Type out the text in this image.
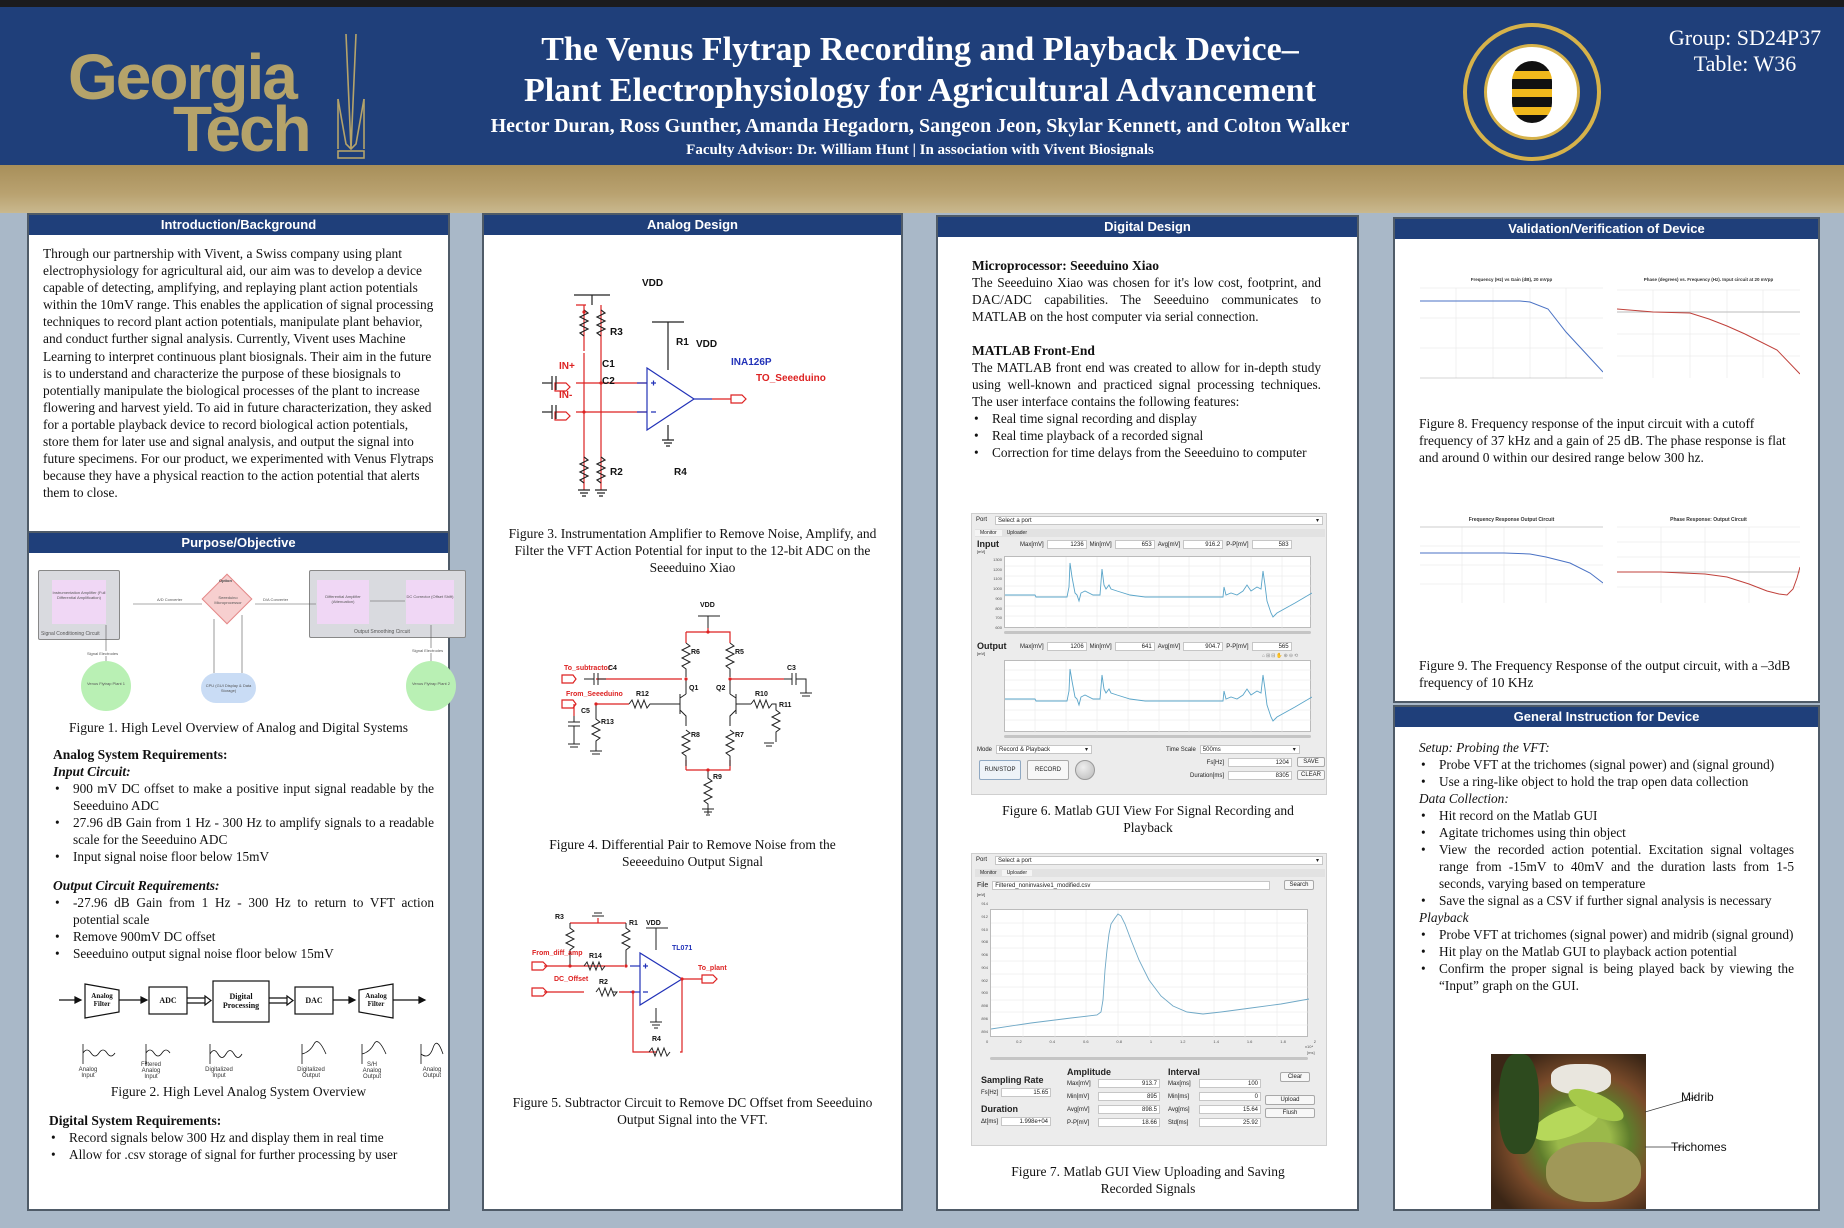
Georgia
Tech
The Venus Flytrap Recording and Playback Device–
Plant Electrophysiology for Agricultural Advancement
Hector Duran, Ross Gunther, Amanda Hegadorn, Sangeon Jeon, Skylar Kennett, and Colton Walker
Faculty Advisor: Dr. William Hunt | In association with Vivent Biosignals
Group: SD24P37
Table: W36
Introduction/Background
Through our partnership with Vivent, a Swiss company using plant electrophysiology for agricultural aid, our aim was to develop a device capable of detecting, amplifying, and replaying plant action potentials within the 10mV range. This enables the application of signal processing techniques to record plant action potentials, manipulate plant behavior, and conduct further signal analysis. Currently, Vivent uses Machine Learning to interpret continuous plant biosignals. Their aim in the future is to understand and characterize the purpose of these biosignals to potentially manipulate the biological processes of the plant to increase flowering and harvest yield. To aid in future characterization, they asked for a portable playback device to record biological action potentials, store them for later use and signal analysis, and output the signal into future specimens. For our product, we experimented with Venus Flytraps because they have a physical reaction to the action potential that alerts them to close.
Purpose/Objective
Instrumentation Amplifier (Full Differential Amplification)
Signal Conditioning Circuit
A/D Converter	Seeeduino Microprocessor
Option
D/A Converter
Differential Amplifier (Attenuation)
DC Corrector (Offset Shift)
Output Smoothing Circuit
Signal Electrodes
Signal Electrodes
Venus Flytrap Plant 1	CPU (GUI Display & Data Storage)
Venus Flytrap Plant 2
Figure 1. High Level Overview of Analog and Digital Systems
Analog System Requirements:
Input Circuit:
• 900 mV DC offset to make a positive input signal readable by the Seeeduino ADC
• 27.96 dB Gain from 1 Hz - 300 Hz to amplify signals to a readable scale for the Seeeduino ADC
• Input signal noise floor below 15mV
Output Circuit Requirements:
• -27.96 dB Gain from 1 Hz - 300 Hz to return to VFT action potential scale
• Remove 900mV DC offset
• Seeeduino output signal noise floor below 15mV
Analog Filter	ADC	Digital Processing
DAC	Analog Filter
Analog Input
Filtered Analog Input
Digitalized Input
Digitalized Output
S/H Analog Output
Analog Output
Figure 2. High Level Analog System Overview
Digital System Requirements:
• Record signals below 300 Hz and display them in real time
• Allow for .csv storage of signal for further processing by user
Analog Design
VDD
R3
R1 VDD
IN+
IN-
C1
C2
INA126P
TO_Seeeduino
R2	R4
Figure 3. Instrumentation Amplifier to Remove Noise, Amplify, and Filter the VFT Action Potential for input to the 12-bit ADC on the Seeeduino Xiao
VDD
R6	R5
To_subtractor
C4	C3
Q1	Q2
From_Seeeduino R12	R10
R11
C5
R13
R8	R7
R9
Figure 4. Differential Pair to Remove Noise from the Seeeeduino Output Signal
R3
R1 VDD
From_diff_amp R14
TL071
DC_Offset R2
To_plant
R4
Figure 5. Subtractor Circuit to Remove DC Offset from Seeeduino Output Signal into the VFT.
Digital Design
Microprocessor: Seeeduino Xiao
The Seeeduino Xiao was chosen for it's low cost, footprint, and DAC/ADC capabilities. The Seeeduino communicates to MATLAB on the host computer via serial connection.
MATLAB Front-End
The MATLAB front end was created to allow for in-depth study using well-known and practiced signal processing techniques. The user interface contains the following features:
• Real time signal recording and display
• Real time playback of a recorded signal
• Correction for time delays from the Seeeduino to computer
Port	Select a port	▾
Monitor	Uploader
Input
[mV]
Max[mV]	1236	Min[mV]	653	Avg[mV]	916.2	P-P[mV]	583
1300
1200
1100
1000
900
800
700
600
Output
[mV]
Max[mV]	1206	Min[mV]	641	Avg[mV]	904.7	P-P[mV]	565
⌂⊞⊟✋⊕⊖⟲
Mode	Record & Playback	▾	Time Scale	500ms	▾
RUN/STOP	RECORD
Fs[Hz]	1204
Duration[ms]	8305
SAVE
CLEAR
Figure 6. Matlab GUI View For Signal Recording and Playback
Port	Select a port	▾
Monitor	Uploader
File	Filtered_noninvasive1_modified.csv	Search
[mV]
914
912
910
908
906
904
902
900
898
896
894
0	0.2	0.4	0.6	0.8	1	1.2	1.4	1.6	1.8	2
x10⁴
[ms]
Sampling Rate
Fs[Hz]	15.65
Duration
Δt[ms]	1.998e+04
Amplitude
Max[mV]	913.7
Min[mV]	895
Avg[mV]	898.5
P-P[mV]	18.66
Interval
Max[ms]	100
Min[ms]	0
Avg[ms]	15.64
Std[ms]	25.92
Clear
Upload
Flush
Figure 7. Matlab GUI View Uploading and Saving Recorded Signals
Validation/Verification of Device
Frequency (Hz) vs Gain (dB), 20 mVpp	Phase (degrees) vs. Frequency (Hz). Input circuit at 20 mVpp
Figure 8. Frequency response of the input circuit with a cutoff frequency of 37 kHz and a gain of 25 dB. The phase response is flat and around 0 within our desired range below 300 hz.
Frequency Response Output Circuit	Phase Response: Output Circuit
Figure 9. The Frequency Response of the output circuit, with a –3dB frequency of 10 KHz
General Instruction for Device
Setup: Probing the VFT:
• Probe VFT at the trichomes (signal power) and (signal ground)
• Use a ring-like object to hold the trap open data collection
Data Collection:
• Hit record on the Matlab GUI
• Agitate trichomes using thin object
• View the recorded action potential. Excitation signal voltages range from -15mV to 40mV and the duration lasts from 1-5 seconds, varying based on temperature
• Save the signal as a CSV if further signal analysis is necessary
Playback
• Probe VFT at trichomes (signal power) and midrib (signal ground)
• Hit play on the Matlab GUI to playback action potential
• Confirm the proper signal is being played back by viewing the “Input” graph on the GUI.
Midrib
Trichomes
